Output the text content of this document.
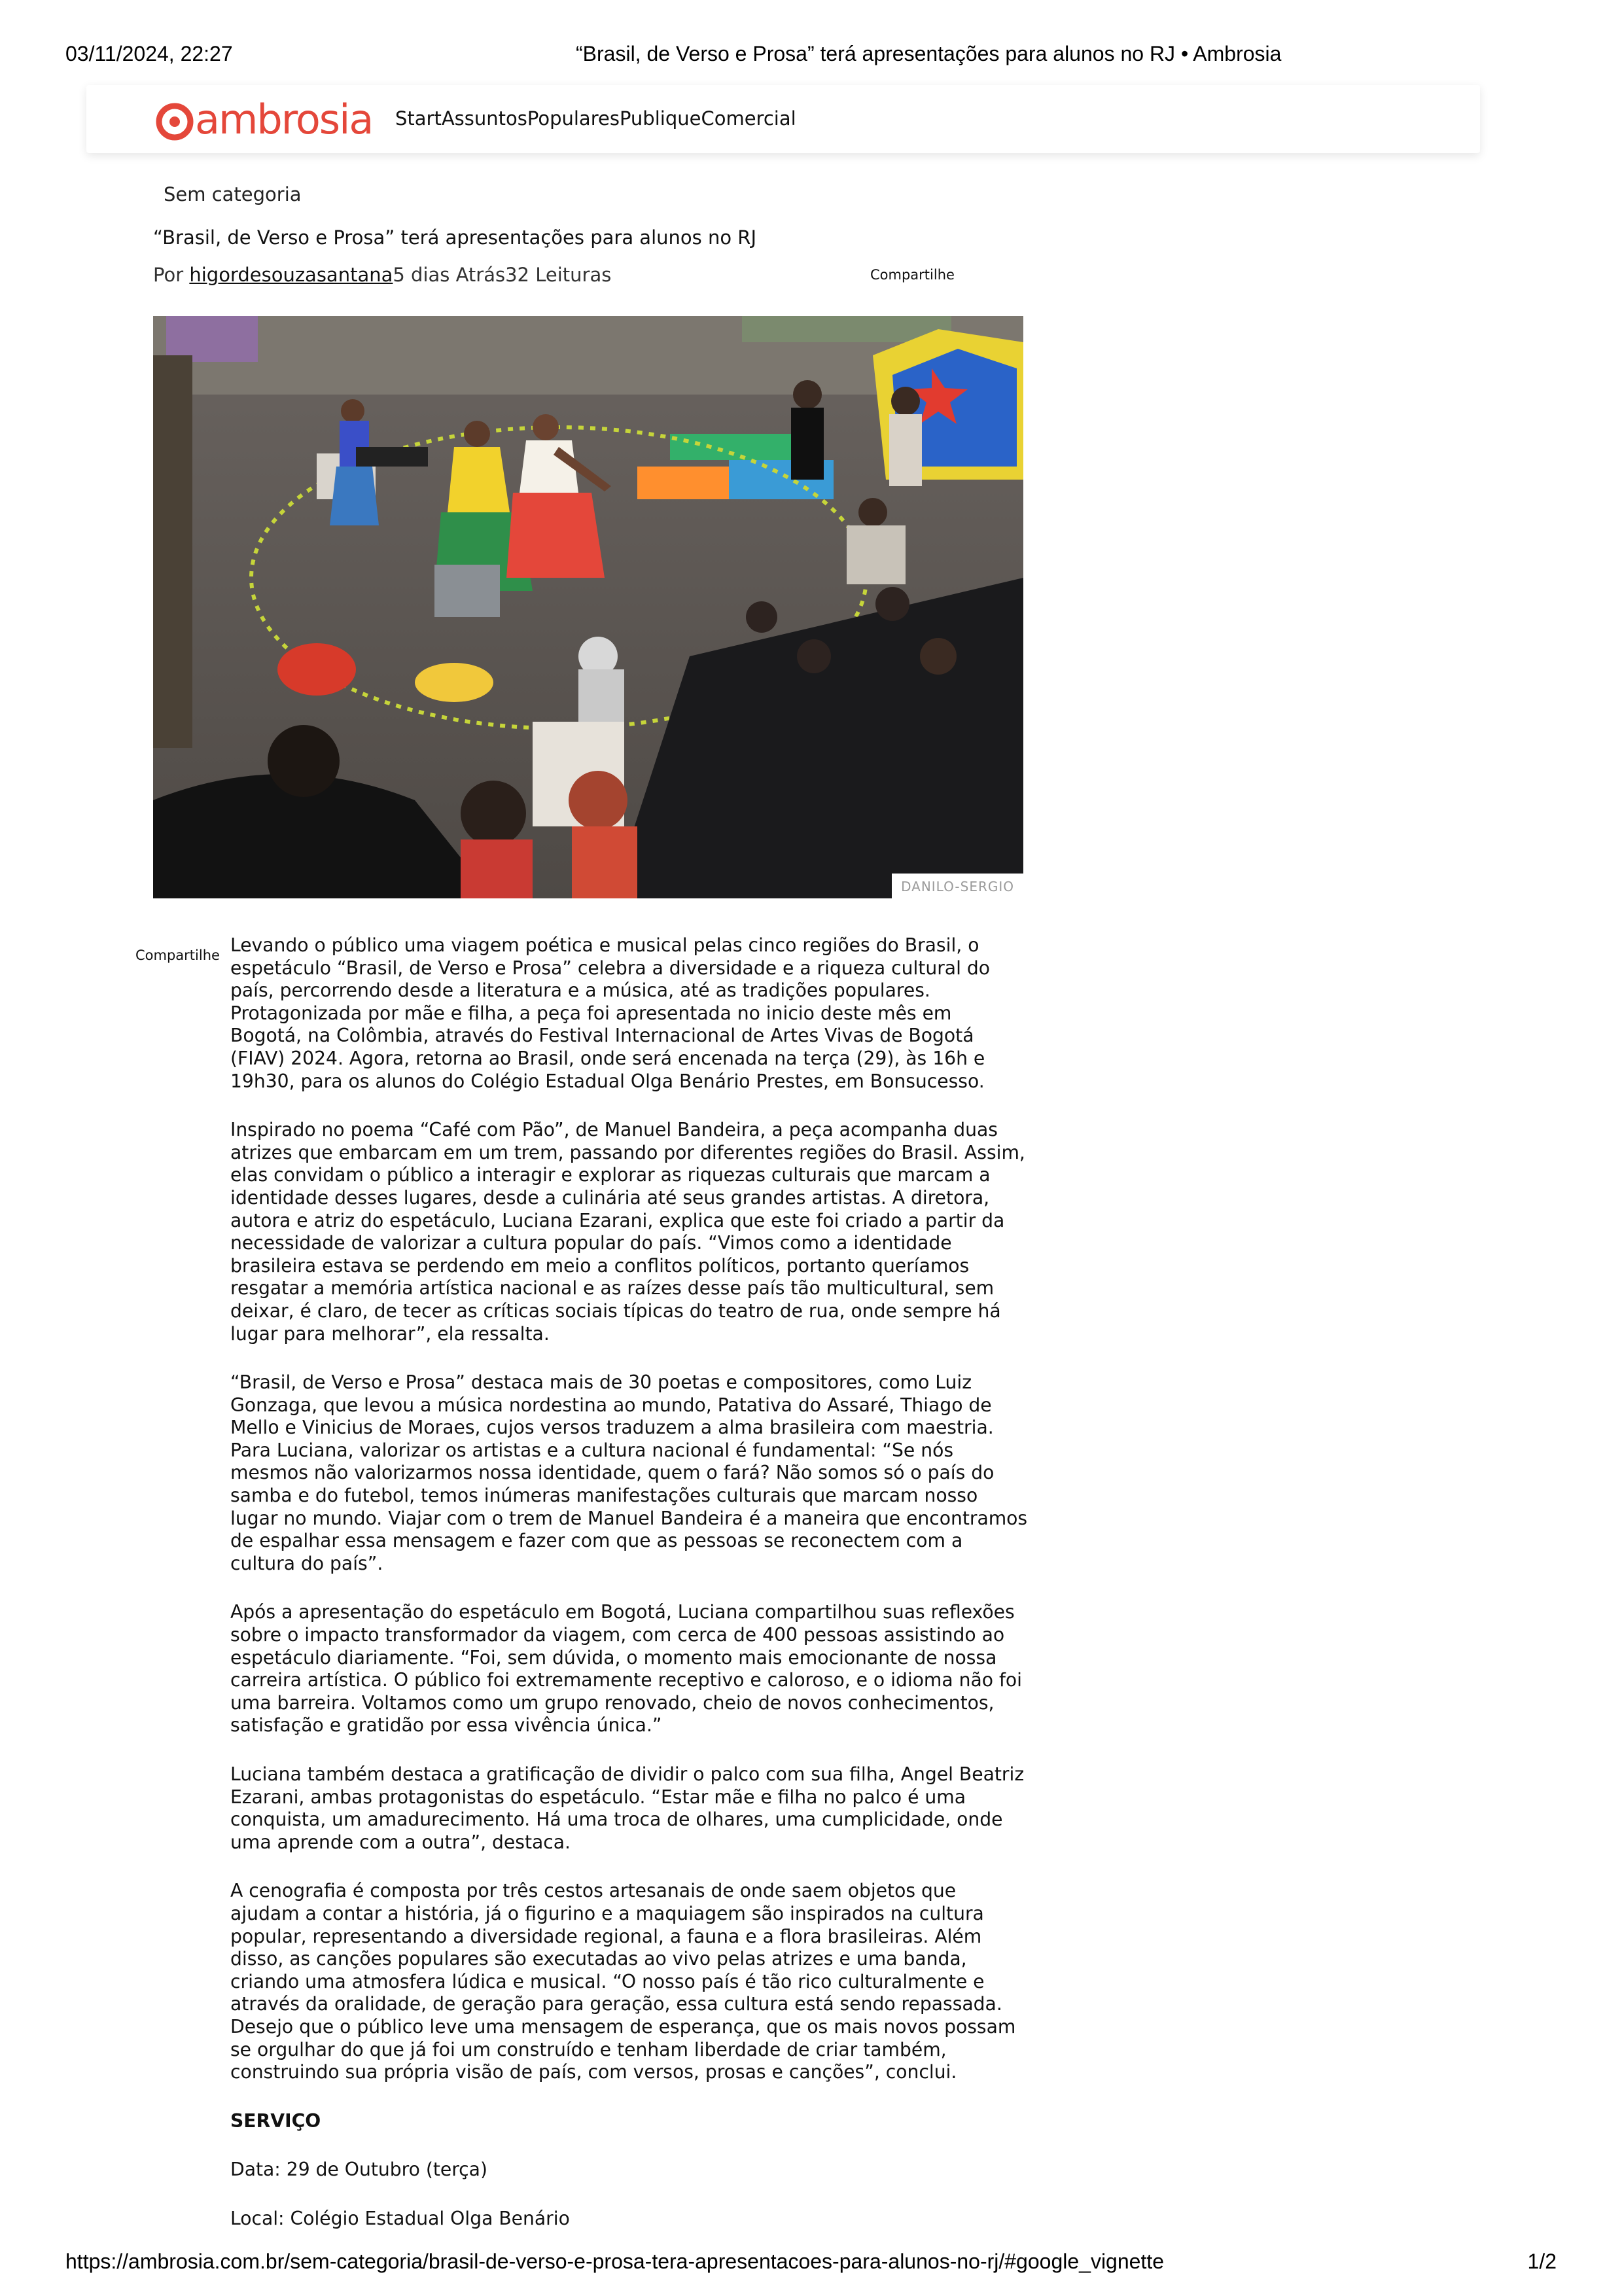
03/11/2024, 22:27	“Brasil, de Verso e Prosa” terá apresentações para alunos no RJ • Ambrosia
ambrosia Start Assuntos Populares Publique Comercial
Sem categoria
“Brasil, de Verso e Prosa” terá apresentações para alunos no RJ
Por higordesouzasantana5 dias Atrás32 Leituras	Compartilhe
DANILO-SERGIO
Compartilhe Levando o público uma viagem poética e musical pelas cinco regiões do Brasil, o espetáculo “Brasil, de Verso e Prosa” celebra a diversidade e a riqueza cultural do país, percorrendo desde a literatura e a música, até as tradições populares. Protagonizada por mãe e filha, a peça foi apresentada no inicio deste mês em Bogotá, na Colômbia, através do Festival Internacional de Artes Vivas de Bogotá (FIAV) 2024. Agora, retorna ao Brasil, onde será encenada na terça (29), às 16h e 19h30, para os alunos do Colégio Estadual Olga Benário Prestes, em Bonsucesso.

Inspirado no poema “Café com Pão”, de Manuel Bandeira, a peça acompanha duas atrizes que embarcam em um trem, passando por diferentes regiões do Brasil. Assim, elas convidam o público a interagir e explorar as riquezas culturais que marcam a identidade desses lugares, desde a culinária até seus grandes artistas. A diretora, autora e atriz do espetáculo, Luciana Ezarani, explica que este foi criado a partir da necessidade de valorizar a cultura popular do país. “Vimos como a identidade brasileira estava se perdendo em meio a conflitos políticos, portanto queríamos resgatar a memória artística nacional e as raízes desse país tão multicultural, sem deixar, é claro, de tecer as críticas sociais típicas do teatro de rua, onde sempre há lugar para melhorar”, ela ressalta.

“Brasil, de Verso e Prosa” destaca mais de 30 poetas e compositores, como Luiz Gonzaga, que levou a música nordestina ao mundo, Patativa do Assaré, Thiago de Mello e Vinicius de Moraes, cujos versos traduzem a alma brasileira com maestria. Para Luciana, valorizar os artistas e a cultura nacional é fundamental: “Se nós mesmos não valorizarmos nossa identidade, quem o fará? Não somos só o país do samba e do futebol, temos inúmeras manifestações culturais que marcam nosso lugar no mundo. Viajar com o trem de Manuel Bandeira é a maneira que encontramos de espalhar essa mensagem e fazer com que as pessoas se reconectem com a cultura do país”.

Após a apresentação do espetáculo em Bogotá, Luciana compartilhou suas reflexões sobre o impacto transformador da viagem, com cerca de 400 pessoas assistindo ao espetáculo diariamente. “Foi, sem dúvida, o momento mais emocionante de nossa carreira artística. O público foi extremamente receptivo e caloroso, e o idioma não foi uma barreira. Voltamos como um grupo renovado, cheio de novos conhecimentos, satisfação e gratidão por essa vivência única.”

Luciana também destaca a gratificação de dividir o palco com sua filha, Angel Beatriz Ezarani, ambas protagonistas do espetáculo. “Estar mãe e filha no palco é uma conquista, um amadurecimento. Há uma troca de olhares, uma cumplicidade, onde uma aprende com a outra”, destaca.

A cenografia é composta por três cestos artesanais de onde saem objetos que ajudam a contar a história, já o figurino e a maquiagem são inspirados na cultura popular, representando a diversidade regional, a fauna e a flora brasileiras. Além disso, as canções populares são executadas ao vivo pelas atrizes e uma banda, criando uma atmosfera lúdica e musical. “O nosso país é tão rico culturalmente e através da oralidade, de geração para geração, essa cultura está sendo repassada. Desejo que o público leve uma mensagem de esperança, que os mais novos possam se orgulhar do que já foi um construído e tenham liberdade de criar também, construindo sua própria visão de país, com versos, prosas e canções”, conclui.

SERVIÇO

Data: 29 de Outubro (terça)

Local: Colégio Estadual Olga Benário

https://ambrosia.com.br/sem-categoria/brasil-de-verso-e-prosa-tera-apresentacoes-para-alunos-no-rj/#google_vignette	1/2
